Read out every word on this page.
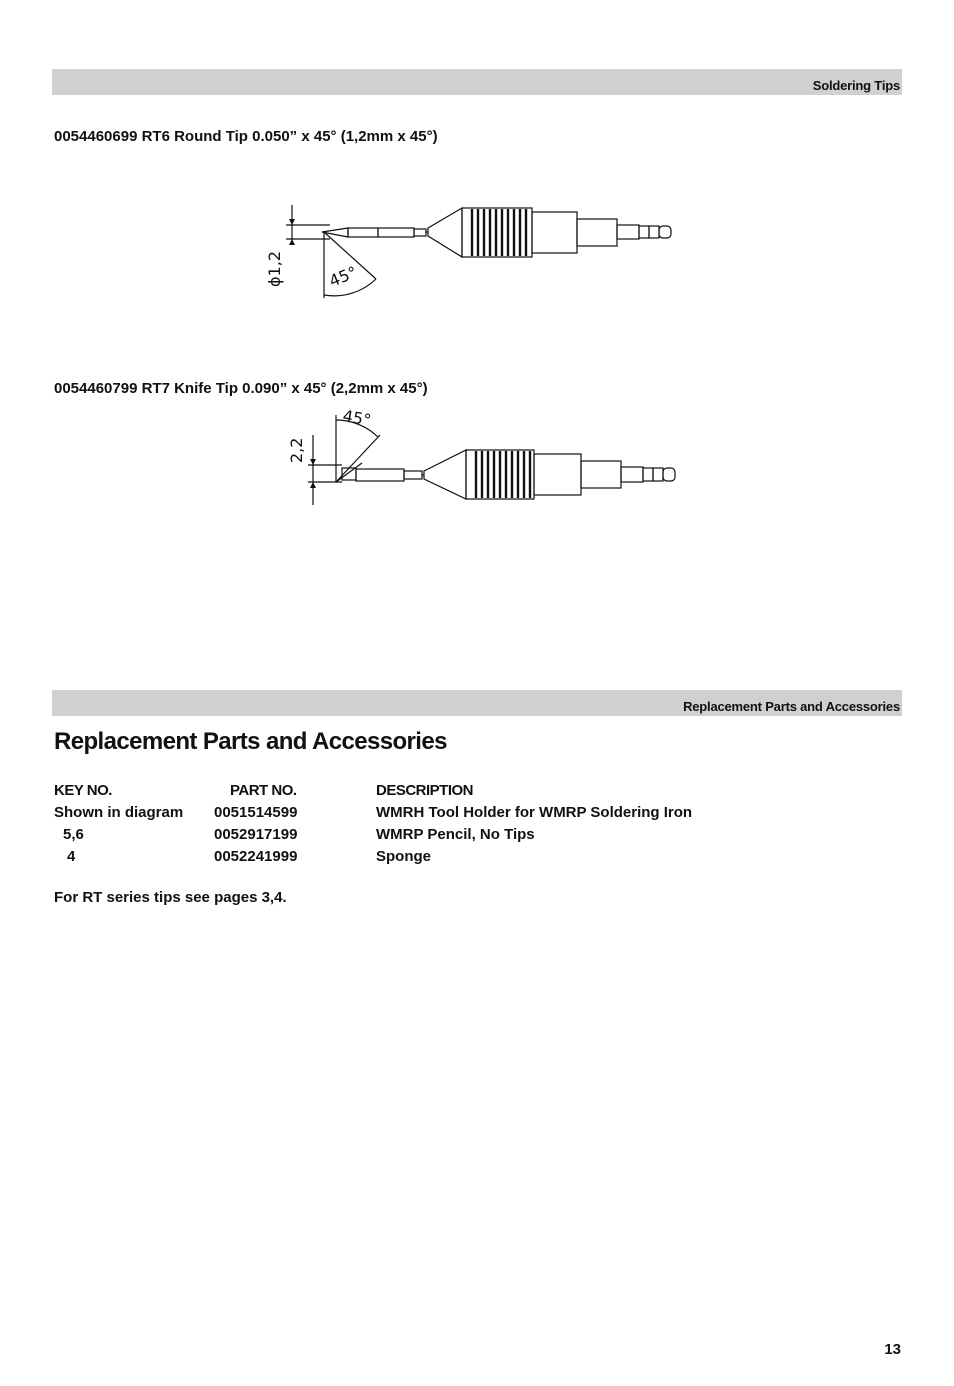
Soldering Tips
0054460699 RT6 Round Tip 0.050” x 45° (1,2mm x 45°)
ϕ1,2	45°
0054460799 RT7 Knife Tip 0.090” x 45° (2,2mm x 45°)
2,2
45°
Replacement Parts and Accessories
Replacement Parts and Accessories
KEY NO.	PART NO.	DESCRIPTION
Shown in diagram 0051514599	WMRH Tool Holder for WMRP Soldering Iron
5,6	0052917199	WMRP Pencil, No Tips
4	0052241999	Sponge
For RT series tips see pages 3,4.
13
